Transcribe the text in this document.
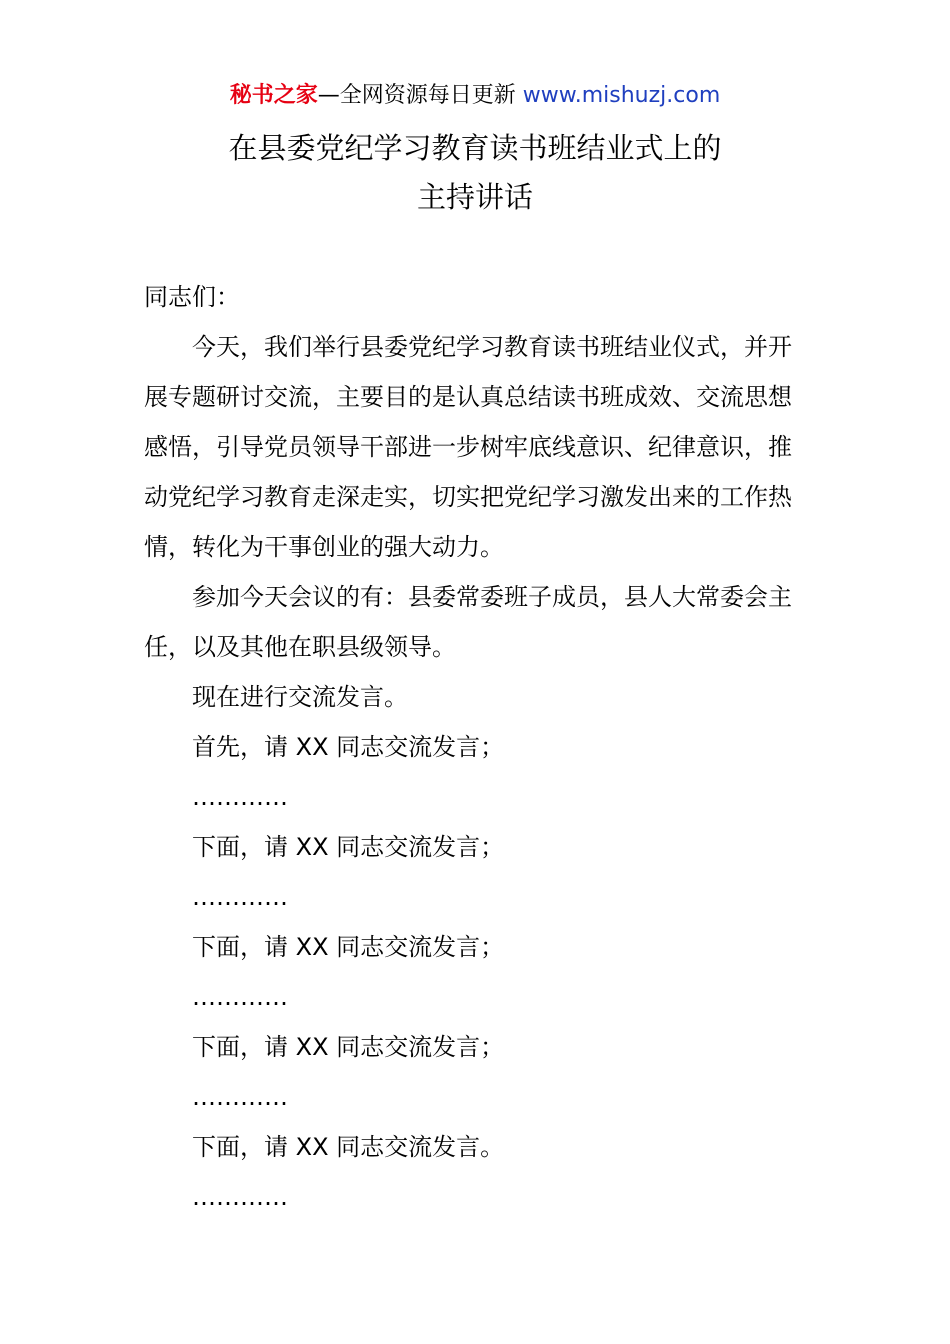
秘书之家—全网资源每日更新 www.mishuzj.com
在县委党纪学习教育读书班结业式上的
主持讲话
同志们：

今天，我们举行县委党纪学习教育读书班结业仪式，并开展专题研讨交流，主要目的是认真总结读书班成效、交流思想感悟，引导党员领导干部进一步树牢底线意识、纪律意识，推动党纪学习教育走深走实，切实把党纪学习激发出来的工作热情，转化为干事创业的强大动力。

参加今天会议的有：县委常委班子成员，县人大常委会主任，以及其他在职县级领导。

现在进行交流发言。

首先，请 XX 同志交流发言；

…………

下面，请 XX 同志交流发言；

…………

下面，请 XX 同志交流发言；

…………

下面，请 XX 同志交流发言；

…………

下面，请 XX 同志交流发言。

…………
